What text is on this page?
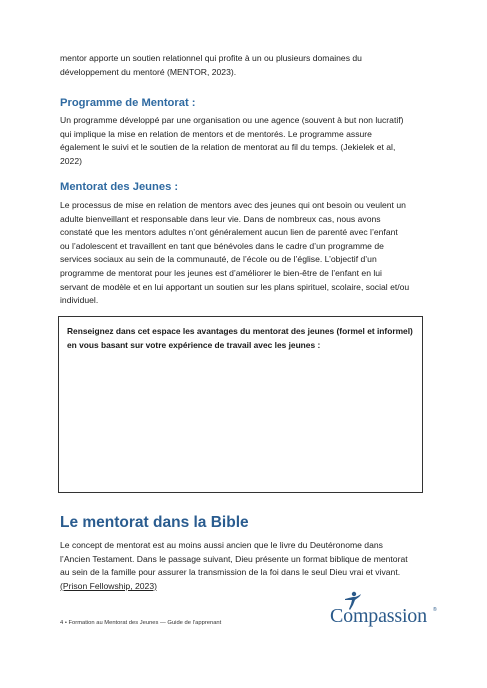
mentor apporte un soutien relationnel qui profite à un ou plusieurs domaines du
développement du mentoré (MENTOR, 2023).

Programme de Mentorat :

Un programme développé par une organisation ou une agence (souvent à but non lucratif)
qui implique la mise en relation de mentors et de mentorés. Le programme assure
également le suivi et le soutien de la relation de mentorat au fil du temps. (Jekielek et al,
2022)

Mentorat des Jeunes :

Le processus de mise en relation de mentors avec des jeunes qui ont besoin ou veulent un
adulte bienveillant et responsable dans leur vie. Dans de nombreux cas, nous avons
constaté que les mentors adultes n’ont généralement aucun lien de parenté avec l’enfant
ou l’adolescent et travaillent en tant que bénévoles dans le cadre d’un programme de
services sociaux au sein de la communauté, de l’école ou de l’église. L’objectif d’un
programme de mentorat pour les jeunes est d’améliorer le bien-être de l’enfant en lui
servant de modèle et en lui apportant un soutien sur les plans spirituel, scolaire, social et/ou
individuel.

Renseignez dans cet espace les avantages du mentorat des jeunes (formel et informel)
en vous basant sur votre expérience de travail avec les jeunes :

Le mentorat dans la Bible

Le concept de mentorat est au moins aussi ancien que le livre du Deutéronome dans
l’Ancien Testament. Dans le passage suivant, Dieu présente un format biblique de mentorat
au sein de la famille pour assurer la transmission de la foi dans le seul Dieu vrai et vivant.
(Prison Fellowship, 2023)

4 • Formation au Mentorat des Jeunes — Guide de l’apprenant	Compassion ®
